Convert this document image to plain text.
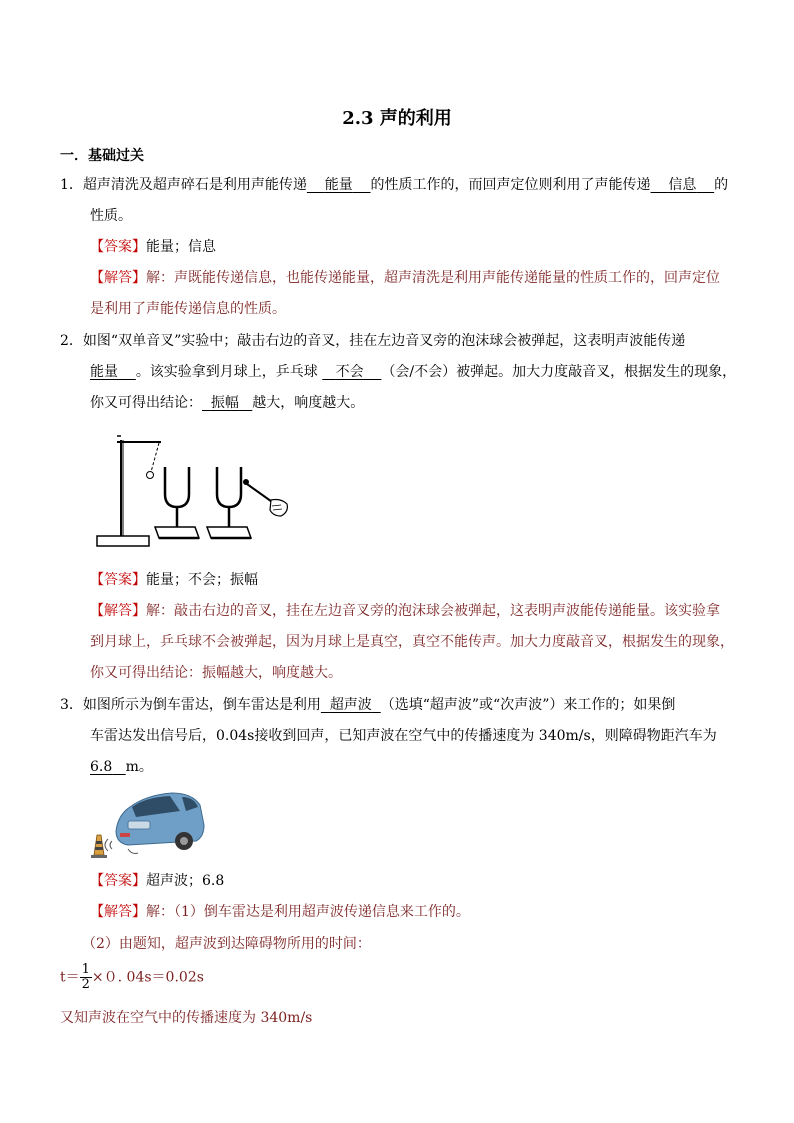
2.3 声的利用
一．基础过关
1．超声清洗及超声碎石是利用声能传递 能量 的性质工作的，而回声定位则利用了声能传递 信息 的
性质。
【答案】能量；信息
【解答】解：声既能传递信息，也能传递能量，超声清洗是利用声能传递能量的性质工作的，回声定位
是利用了声能传递信息的性质。
2．如图“双单音叉”实验中；敲击右边的音叉，挂在左边音叉旁的泡沫球会被弹起，这表明声波能传递
能量 。该实验拿到月球上，乒乓球 不会 （会/不会）被弹起。加大力度敲音叉，根据发生的现象，
你又可得出结论： 振幅 越大，响度越大。
【答案】能量；不会；振幅
【解答】解：敲击右边的音叉，挂在左边音叉旁的泡沫球会被弹起，这表明声波能传递能量。该实验拿
到月球上，乒乓球不会被弹起，因为月球上是真空，真空不能传声。加大力度敲音叉，根据发生的现象，
你又可得出结论：振幅越大，响度越大。
3．如图所示为倒车雷达，倒车雷达是利用 超声波 （选填“超声波”或“次声波”）来工作的；如果倒
车雷达发出信号后，0.04s接收到回声，已知声波在空气中的传播速度为 340m/s，则障碍物距汽车为
6.8 m。
【答案】超声波；6.8
【解答】解：（1）倒车雷达是利用超声波传递信息来工作的。
（2）由题知，超声波到达障碍物所用的时间：
$t= \frac{1}{2} \times 0$. 04s＝0.02s
又知声波在空气中的传播速度为 340m/s
